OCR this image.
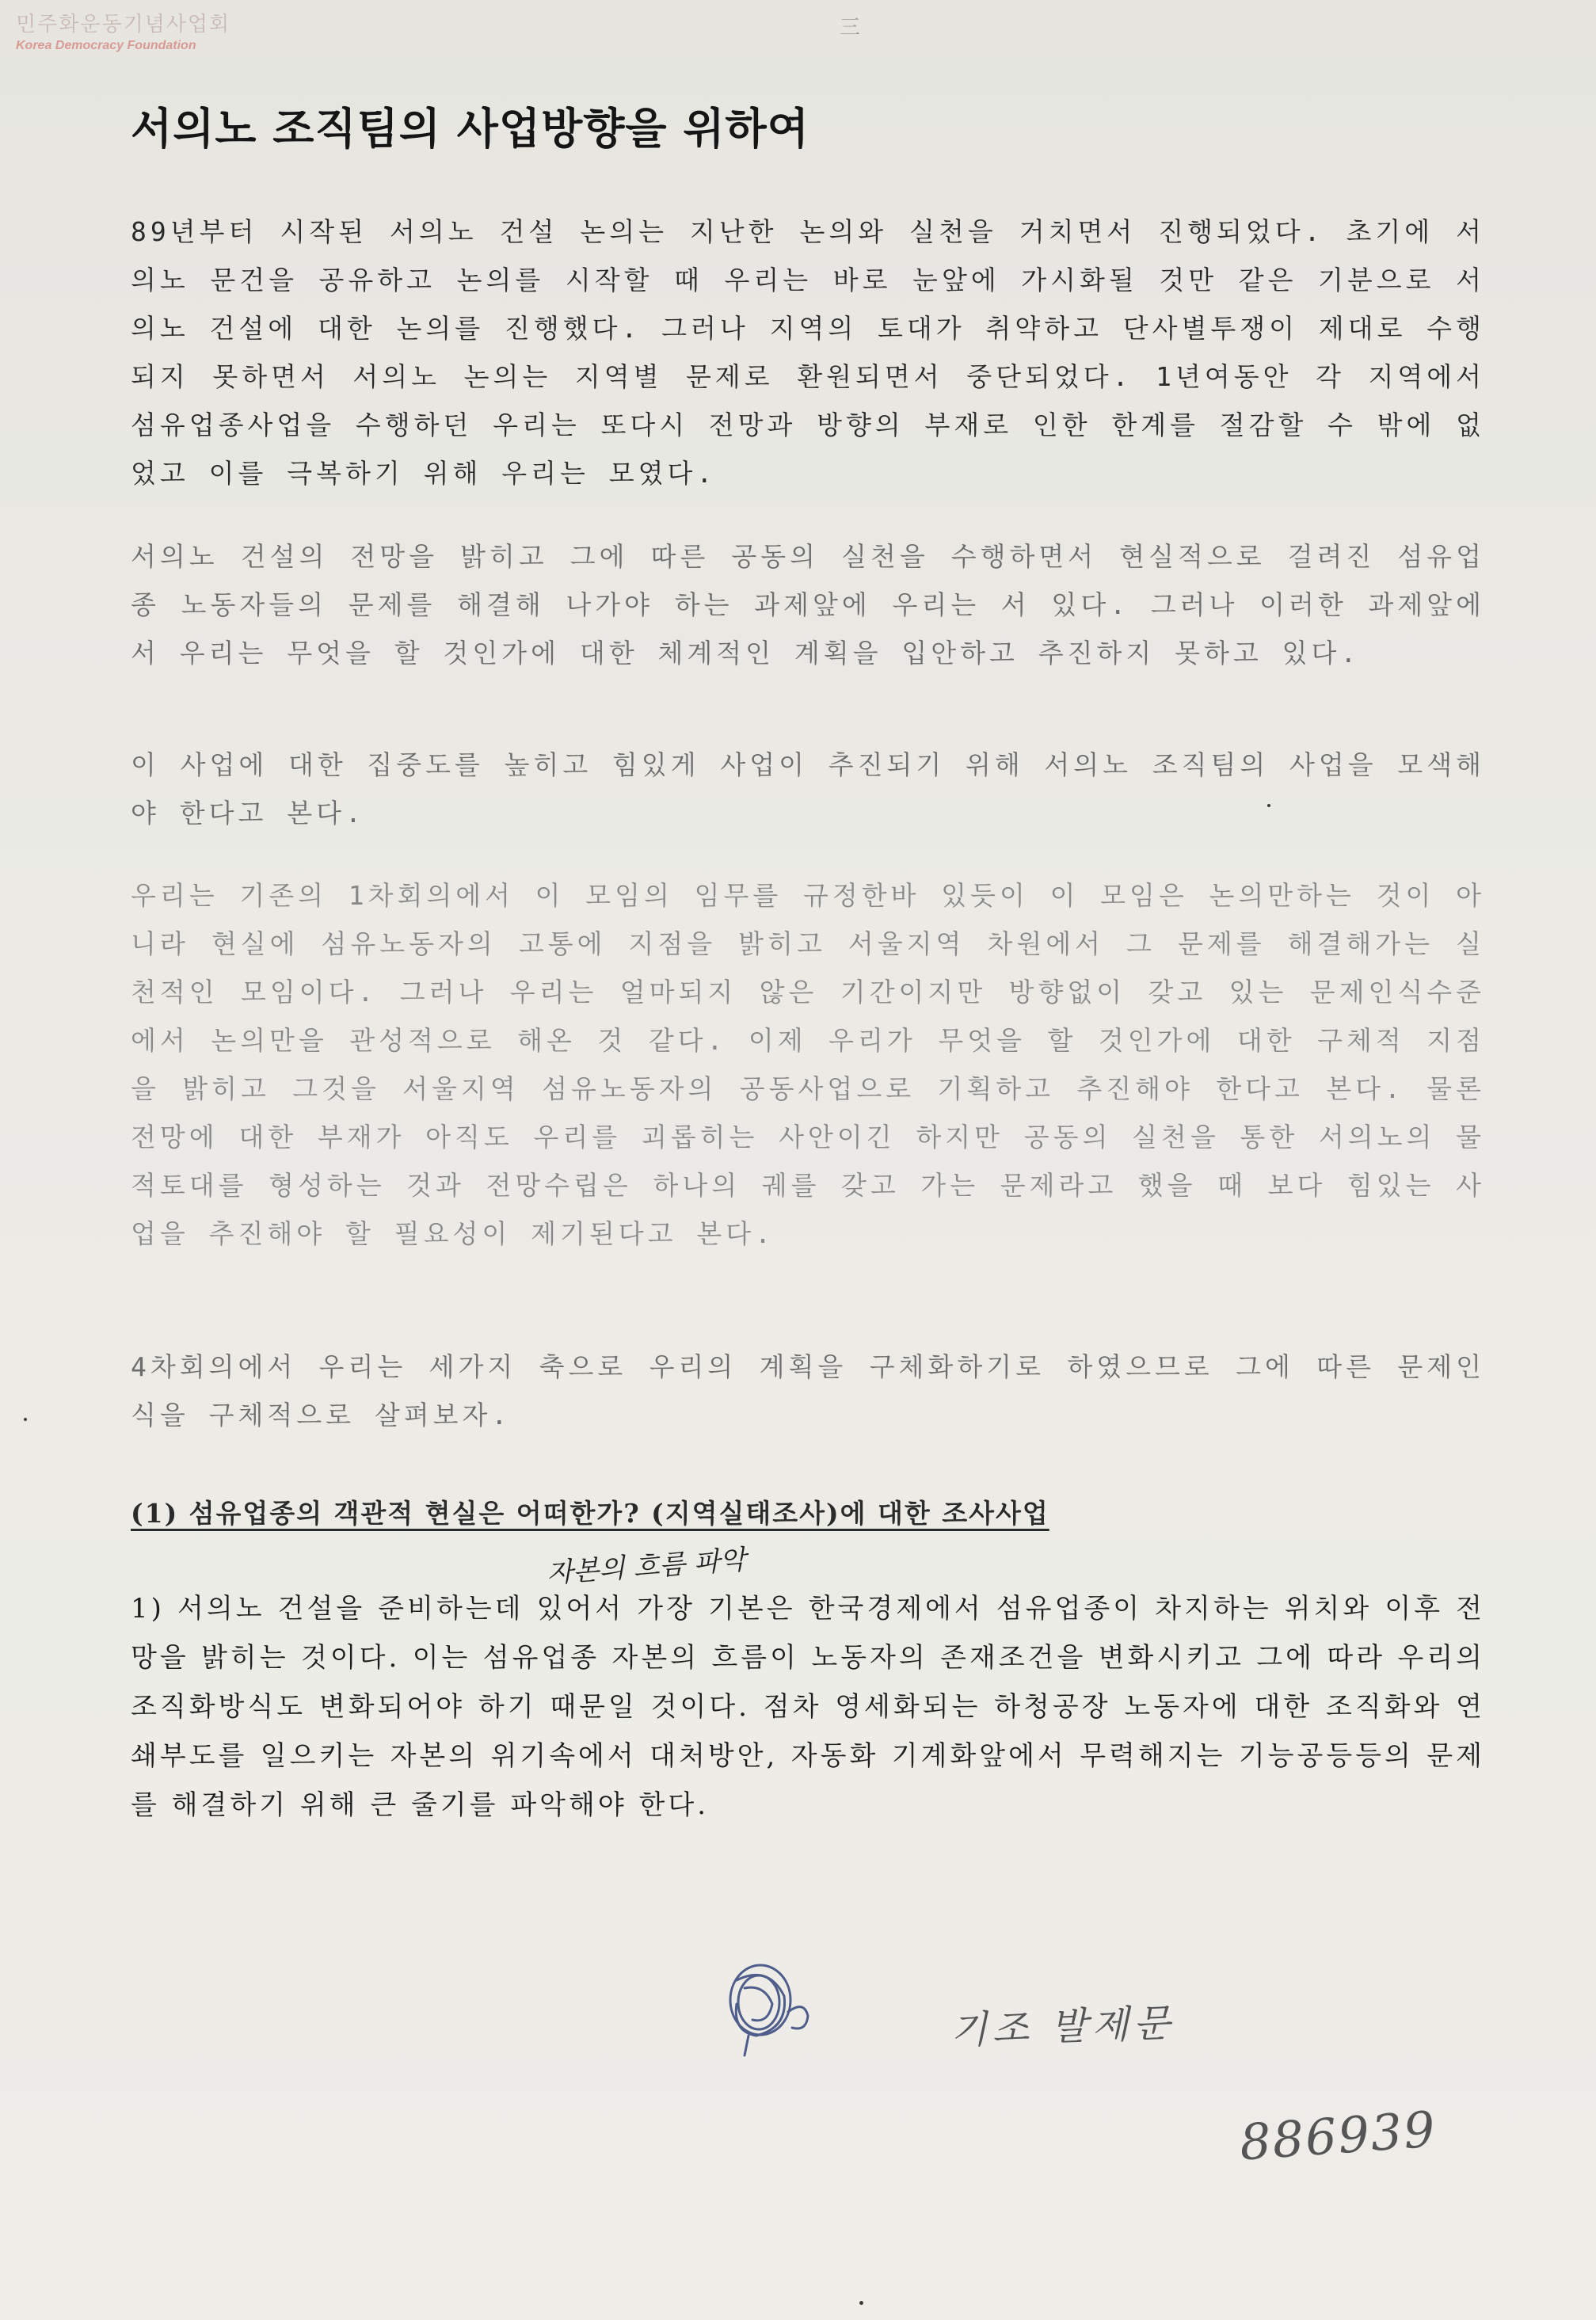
민주화운동기념사업회
Korea Democracy Foundation
三
서의노 조직팀의 사업방향을 위하여
89년부터 시작된 서의노 건설 논의는 지난한 논의와 실천을 거치면서 진행되었다. 초기에 서의노 문건을 공유하고 논의를 시작할 때 우리는 바로 눈앞에 가시화될 것만 같은 기분으로 서의노 건설에 대한 논의를 진행했다. 그러나 지역의 토대가 취약하고 단사별투쟁이 제대로 수행되지 못하면서 서의노 논의는 지역별 문제로 환원되면서 중단되었다. 1년여동안 각 지역에서 섬유업종사업을 수행하던 우리는 또다시 전망과 방향의 부재로 인한 한계를 절감할 수 밖에 없었고 이를 극복하기 위해 우리는 모였다.
서의노 건설의 전망을 밝히고 그에 따른 공동의 실천을 수행하면서 현실적으로 걸려진 섬유업종 노동자들의 문제를 해결해 나가야 하는 과제앞에 우리는 서 있다. 그러나 이러한 과제앞에서 우리는 무엇을 할 것인가에 대한 체계적인 계획을 입안하고 추진하지 못하고 있다.
이 사업에 대한 집중도를 높히고 힘있게 사업이 추진되기 위해 서의노 조직팀의 사업을 모색해야 한다고 본다.
우리는 기존의 1차회의에서 이 모임의 임무를 규정한바 있듯이 이 모임은 논의만하는 것이 아니라 현실에 섬유노동자의 고통에 지점을 밝히고 서울지역 차원에서 그 문제를 해결해가는 실천적인 모임이다. 그러나 우리는 얼마되지 않은 기간이지만 방향없이 갖고 있는 문제인식수준에서 논의만을 관성적으로 해온 것 같다. 이제 우리가 무엇을 할 것인가에 대한 구체적 지점을 밝히고 그것을 서울지역 섬유노동자의 공동사업으로 기획하고 추진해야 한다고 본다. 물론 전망에 대한 부재가 아직도 우리를 괴롭히는 사안이긴 하지만 공동의 실천을 통한 서의노의 물적토대를 형성하는 것과 전망수립은 하나의 궤를 갖고 가는 문제라고 했을 때 보다 힘있는 사업을 추진해야 할 필요성이 제기된다고 본다.
4차회의에서 우리는 세가지 축으로 우리의 계획을 구체화하기로 하였으므로 그에 따른 문제인식을 구체적으로 살펴보자.
(1) 섬유업종의 객관적 현실은 어떠한가? (지역실태조사)에 대한 조사사업
자본의 흐름 파악
1) 서의노 건설을 준비하는데 있어서 가장 기본은 한국경제에서 섬유업종이 차지하는 위치와 이후 전망을 밝히는 것이다. 이는 섬유업종 자본의 흐름이 노동자의 존재조건을 변화시키고 그에 따라 우리의 조직화방식도 변화되어야 하기 때문일 것이다. 점차 영세화되는 하청공장 노동자에 대한 조직화와 연쇄부도를 일으키는 자본의 위기속에서 대처방안, 자동화 기계화앞에서 무력해지는 기능공등등의 문제를 해결하기 위해 큰 줄기를 파악해야 한다.
기조 발제문
886939
